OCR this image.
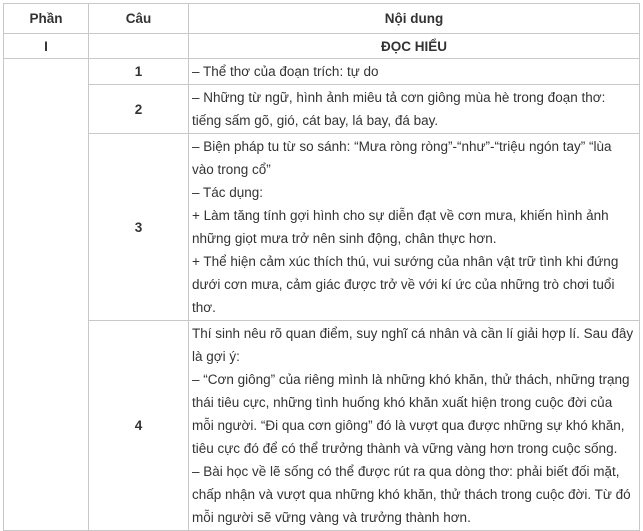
Phần	Câu	Nội dung
I		ĐỌC HIỂU
	1	– Thể thơ của đoạn trích: tự do

	2	– Những từ ngữ, hình ảnh miêu tả cơn giông mùa hè trong đoạn thơ: tiếng sấm gõ, gió, cát bay, lá bay, đá bay.

	3	– Biện pháp tu từ so sánh: “Mưa ròng ròng”-“như”-“triệu ngón tay” “lùa vào trong cổ”
– Tác dụng:
+ Làm tăng tính gợi hình cho sự diễn đạt về cơn mưa, khiến hình ảnh những giọt mưa trở nên sinh động, chân thực hơn.
+ Thể hiện cảm xúc thích thú, vui sướng của nhân vật trữ tình khi đứng dưới cơn mưa, cảm giác được trở về với kí ức của những trò chơi tuổi thơ.

	4	Thí sinh nêu rõ quan điểm, suy nghĩ cá nhân và cần lí giải hợp lí. Sau đây là gợi ý:
– “Cơn giông” của riêng mình là những khó khăn, thử thách, những trạng thái tiêu cực, những tình huống khó khăn xuất hiện trong cuộc đời của mỗi người. “Đi qua cơn giông” đó là vượt qua được những sự khó khăn, tiêu cực đó để có thể trưởng thành và vững vàng hơn trong cuộc sống.
– Bài học về lẽ sống có thể được rút ra qua dòng thơ: phải biết đối mặt, chấp nhận và vượt qua những khó khăn, thử thách trong cuộc đời. Từ đó mỗi người sẽ vững vàng và trưởng thành hơn.
